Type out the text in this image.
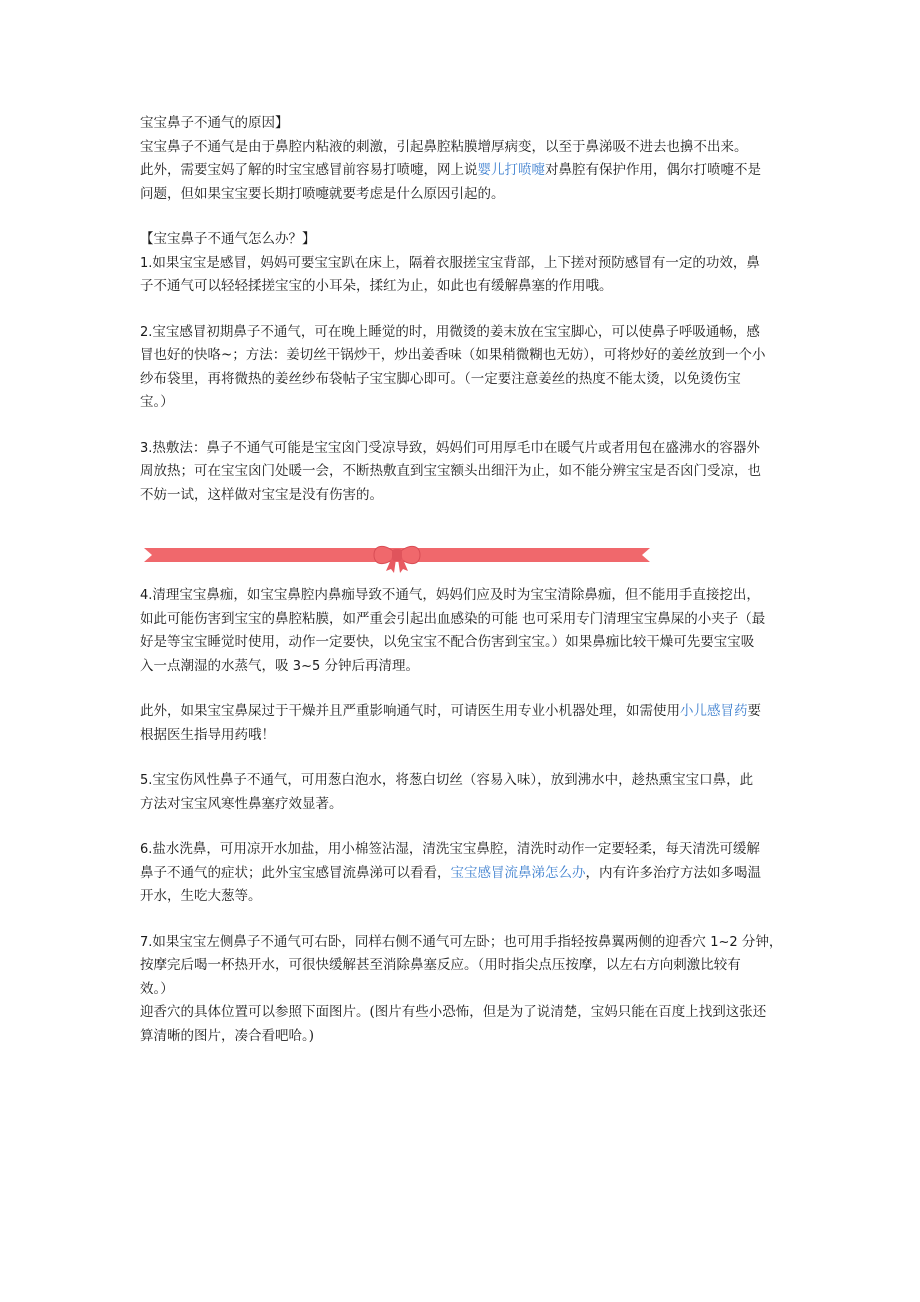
宝宝鼻子不通气的原因】

宝宝鼻子不通气是由于鼻腔内粘液的刺激，引起鼻腔粘膜增厚病变，以至于鼻涕吸不进去也擤不出来。

此外，需要宝妈了解的时宝宝感冒前容易打喷嚏，网上说婴儿打喷嚏对鼻腔有保护作用，偶尔打喷嚏不是

问题，但如果宝宝要长期打喷嚏就要考虑是什么原因引起的。

【宝宝鼻子不通气怎么办？】

1.如果宝宝是感冒，妈妈可要宝宝趴在床上，隔着衣服搓宝宝背部，上下搓对预防感冒有一定的功效，鼻

子不通气可以轻轻揉搓宝宝的小耳朵，揉红为止，如此也有缓解鼻塞的作用哦。

2.宝宝感冒初期鼻子不通气，可在晚上睡觉的时，用微烫的姜末放在宝宝脚心，可以使鼻子呼吸通畅，感

冒也好的快咯~；方法：姜切丝干锅炒干，炒出姜香味（如果稍微糊也无妨），可将炒好的姜丝放到一个小

纱布袋里，再将微热的姜丝纱布袋帖子宝宝脚心即可。（一定要注意姜丝的热度不能太烫，以免烫伤宝

宝。）

3.热敷法：鼻子不通气可能是宝宝囟门受凉导致，妈妈们可用厚毛巾在暖气片或者用包在盛沸水的容器外

周放热；可在宝宝囟门处暖一会，不断热敷直到宝宝额头出细汗为止，如不能分辨宝宝是否囟门受凉，也

不妨一试，这样做对宝宝是没有伤害的。

4.清理宝宝鼻痂，如宝宝鼻腔内鼻痂导致不通气，妈妈们应及时为宝宝清除鼻痂，但不能用手直接挖出，

如此可能伤害到宝宝的鼻腔粘膜，如严重会引起出血感染的可能 也可采用专门清理宝宝鼻屎的小夹子（最

好是等宝宝睡觉时使用，动作一定要快，以免宝宝不配合伤害到宝宝。）如果鼻痂比较干燥可先要宝宝吸

入一点潮湿的水蒸气，吸 3~5 分钟后再清理。

此外，如果宝宝鼻屎过于干燥并且严重影响通气时，可请医生用专业小机器处理，如需使用小儿感冒药要

根据医生指导用药哦！

5.宝宝伤风性鼻子不通气，可用葱白泡水，将葱白切丝（容易入味），放到沸水中，趁热熏宝宝口鼻，此

方法对宝宝风寒性鼻塞疗效显著。

6.盐水洗鼻，可用凉开水加盐，用小棉签沾湿，清洗宝宝鼻腔，清洗时动作一定要轻柔，每天清洗可缓解

鼻子不通气的症状；此外宝宝感冒流鼻涕可以看看，宝宝感冒流鼻涕怎么办，内有许多治疗方法如多喝温

开水，生吃大葱等。

7.如果宝宝左侧鼻子不通气可右卧，同样右侧不通气可左卧；也可用手指轻按鼻翼两侧的迎香穴 1~2 分钟，

按摩完后喝一杯热开水，可很快缓解甚至消除鼻塞反应。（用时指尖点压按摩，以左右方向刺激比较有

效。）

迎香穴的具体位置可以参照下面图片。(图片有些小恐怖，但是为了说清楚，宝妈只能在百度上找到这张还

算清晰的图片，凑合看吧哈。)
